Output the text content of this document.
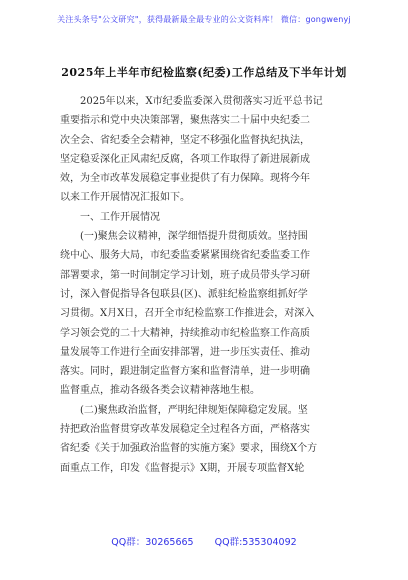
关注头条号"公文研究"，获得最新最全最专业的公文资料库！ 微信：gongwenyj
2025年上半年市纪检监察(纪委)工作总结及下半年计划
2025年以来，X市纪委监委深入贯彻落实习近平总书记
重要指示和党中央决策部署，聚焦落实二十届中央纪委二
次全会、省纪委全会精神，坚定不移强化监督执纪执法，
坚定稳妥深化正风肃纪反腐，各项工作取得了新进展新成
效，为全市改革发展稳定事业提供了有力保障。现将今年
以来工作开展情况汇报如下。
一、工作开展情况
(一)聚焦会议精神，深学细悟提升贯彻质效。坚持围
绕中心、服务大局，市纪委监委紧紧围绕省纪委监委工作
部署要求，第一时间制定学习计划，班子成员带头学习研
讨，深入督促指导各包联县(区)、派驻纪检监察组抓好学
习贯彻。X月X日，召开全市纪检监察工作推进会，对深入
学习领会党的二十大精神，持续推动市纪检监察工作高质
量发展等工作进行全面安排部署，进一步压实责任、推动
落实。同时，跟进制定监督方案和监督清单，进一步明确
监督重点，推动各级各类会议精神落地生根。
(二)聚焦政治监督，严明纪律规矩保障稳定发展。坚
持把政治监督贯穿改革发展稳定全过程各方面，严格落实
省纪委《关于加强政治监督的实施方案》要求，围绕X个方
面重点工作，印发《监督提示》X期，开展专项监督X轮
QQ群：30265665 QQ群:535304092
